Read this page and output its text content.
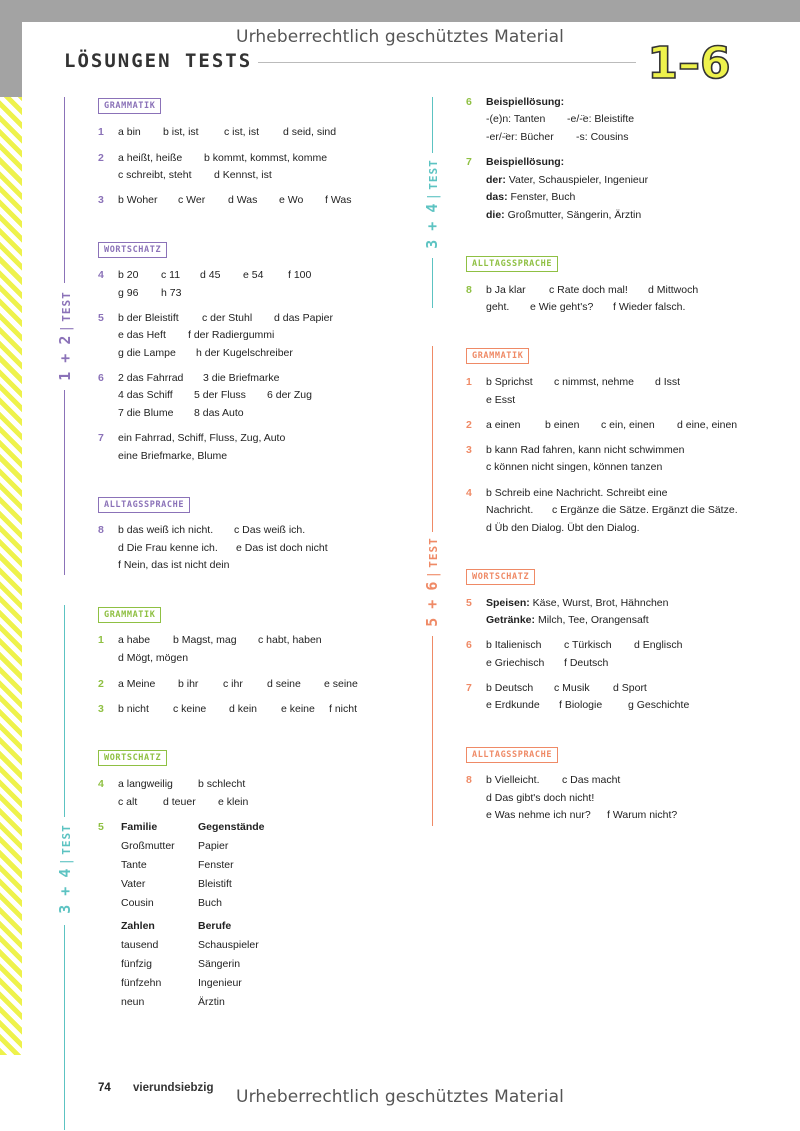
Urheberrechtlich geschütztes Material
LÖSUNGEN TESTS	1–6
1 + 2|TEST
3 + 4|TEST
3 + 4|TEST
5 + 6|TEST
GRAMMATIK
1 a bin b ist, ist c ist, ist d seid, sind
2 a heißt, heiße b kommt, kommst, komme
c schreibt, steht d Kennst, ist
3 b Woher c Wer d Was e Wo f Was
WORTSCHATZ
4 b 20 c 11 d 45 e 54 f 100
g 96 h 73
5 b der Bleistift c der Stuhl d das Papier
e das Heft f der Radiergummi
g die Lampe h der Kugelschreiber
6 2 das Fahrrad 3 die Briefmarke
4 das Schiff 5 der Fluss 6 der Zug
7 die Blume 8 das Auto
7 ein Fahrrad, Schiff, Fluss, Zug, Auto
eine Briefmarke, Blume
ALLTAGSSPRACHE
8 b das weiß ich nicht. c Das weiß ich.
d Die Frau kenne ich. e Das ist doch nicht
f Nein, das ist nicht dein
GRAMMATIK
1 a habe b Magst, mag c habt, haben
d Mögt, mögen
2 a Meine b ihr c ihr d seine e seine
3 b nicht c keine d kein e keine f nicht
WORTSCHATZ
4 a langweilig b schlecht
c alt d teuer e klein
5 Familie
Großmutter
Tante
Vater
Cousin
Gegenstände
Papier
Fenster
Bleistift
Buch
Zahlen
tausend
fünfzig
fünfzehn
neun
Berufe
Schauspieler
Sängerin
Ingenieur
Ärztin
6 Beispiellösung:
-(e)n: Tanten -e/-̈e: Bleistifte
-er/-̈er: Bücher -s: Cousins
7 Beispiellösung:
der: Vater, Schauspieler, Ingenieur
das: Fenster, Buch
die: Großmutter, Sängerin, Ärztin
ALLTAGSSPRACHE
8 b Ja klar c Rate doch mal! d Mittwoch
geht. e Wie geht's? f Wieder falsch.
GRAMMATIK
1 b Sprichst c nimmst, nehme d Isst
e Esst
2 a einen b einen c ein, einen d eine, einen
3 b kann Rad fahren, kann nicht schwimmen
c können nicht singen, können tanzen
4 b Schreib eine Nachricht. Schreibt eine
Nachricht. c Ergänze die Sätze. Ergänzt die Sätze.
d Üb den Dialog. Übt den Dialog.
WORTSCHATZ
5 Speisen: Käse, Wurst, Brot, Hähnchen
Getränke: Milch, Tee, Orangensaft
6 b Italienisch c Türkisch d Englisch
e Griechisch f Deutsch
7 b Deutsch c Musik d Sport
e Erdkunde f Biologie g Geschichte
ALLTAGSSPRACHE
8 b Vielleicht. c Das macht
d Das gibt's doch nicht!
e Was nehme ich nur? f Warum nicht?
74 vierundsiebzig	Urheberrechtlich geschütztes Material
